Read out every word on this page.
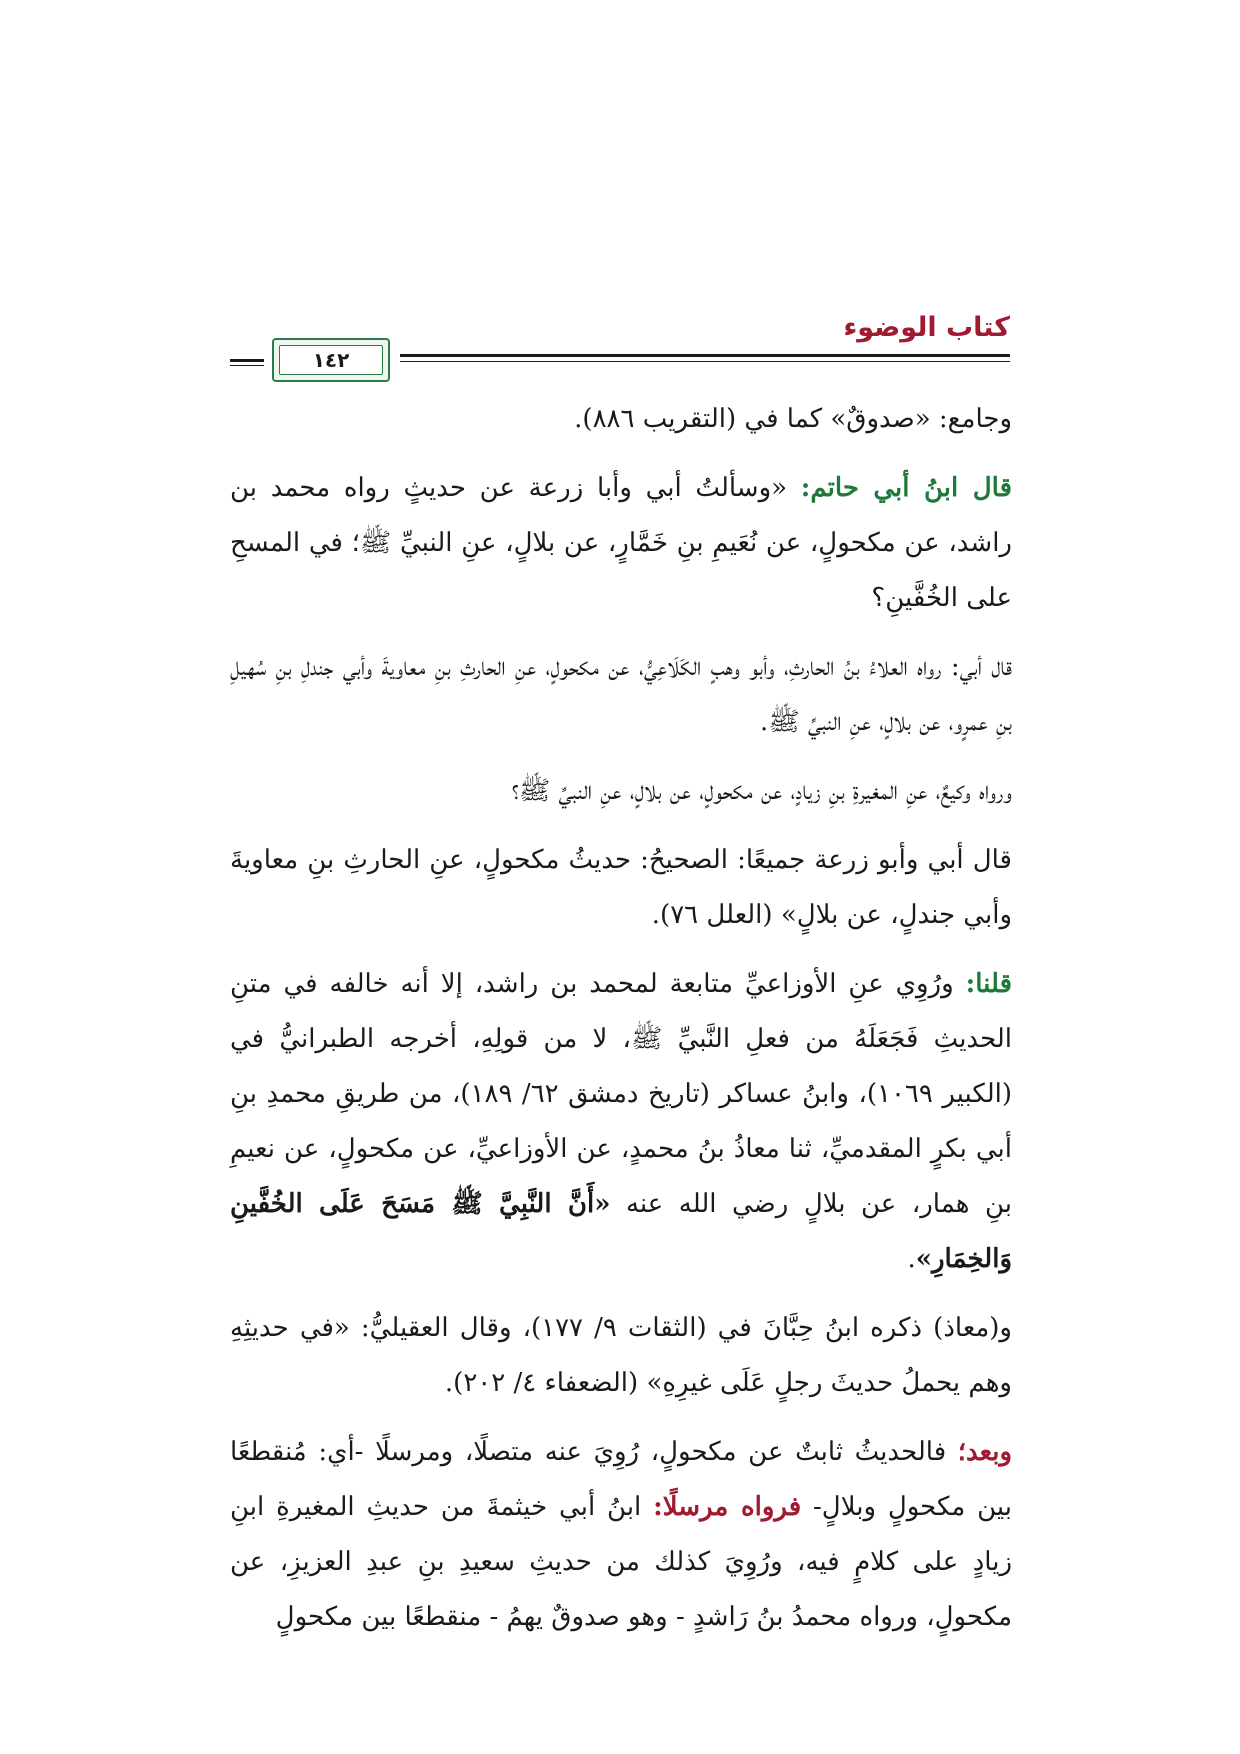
كتاب الوضوء
١٤٢

وجامع: «صدوقٌ» كما في (التقريب ٨٨٦).

قال ابنُ أبي حاتم: «وسألتُ أبي وأبا زرعة عن حديثٍ رواه محمد بن راشد، عن مكحولٍ، عن نُعَيمِ بنِ خَمَّارٍ، عن بلالٍ، عنِ النبيِّ ﷺ؛ في المسحِ على الخُفَّينِ؟

قال أبي: رواه العلاءُ بنُ الحارثِ، وأبو وهبٍ الكَلَاعِيُّ، عن مكحولٍ، عنِ الحارثِ بنِ معاويةَ وأبي جندلِ بنِ سُهيلِ بنِ عمرٍو، عن بلالٍ، عنِ النبيِّ ﷺ.

ورواه وكيعٌ، عنِ المغيرةِ بنِ زيادٍ، عن مكحولٍ، عن بلالٍ، عنِ النبيِّ ﷺ؟

قال أبي وأبو زرعة جميعًا: الصحيحُ: حديثُ مكحولٍ، عنِ الحارثِ بنِ معاويةَ وأبي جندلٍ، عن بلالٍ» (العلل ٧٦).

قلنا: ورُوِي عنِ الأوزاعيِّ متابعة لمحمد بن راشد، إلا أنه خالفه في متنِ الحديثِ فَجَعَلَهُ من فعلِ النَّبيِّ ﷺ، لا من قولِهِ، أخرجه الطبرانيُّ في (الكبير ١٠٦٩)، وابنُ عساكر (تاريخ دمشق ٦٢/ ١٨٩)، من طريقِ محمدِ بنِ أبي بكرٍ المقدميِّ، ثنا معاذُ بنُ محمدٍ، عن الأوزاعيِّ، عن مكحولٍ، عن نعيمِ بنِ همار، عن بلالٍ رضي الله عنه «أَنَّ النَّبِيَّ ﷺ مَسَحَ عَلَى الخُفَّينِ وَالخِمَارِ».

و(معاذ) ذكره ابنُ حِبَّانَ في (الثقات ٩/ ١٧٧)، وقال العقيليُّ: «في حديثِهِ وهم يحملُ حديثَ رجلٍ عَلَى غيرِهِ» (الضعفاء ٤/ ٢٠٢).

وبعد؛ فالحديثُ ثابتٌ عن مكحولٍ، رُوِيَ عنه متصلًا، ومرسلًا -أي: مُنقطعًا بين مكحولٍ وبلالٍ- فرواه مرسلًا: ابنُ أبي خيثمةَ من حديثِ المغيرةِ ابنِ زيادٍ على كلامٍ فيه، ورُوِيَ كذلك من حديثِ سعيدِ بنِ عبدِ العزيزِ، عن مكحولٍ، ورواه محمدُ بنُ رَاشدٍ - وهو صدوقٌ يهمُ - منقطعًا بين مكحولٍ
